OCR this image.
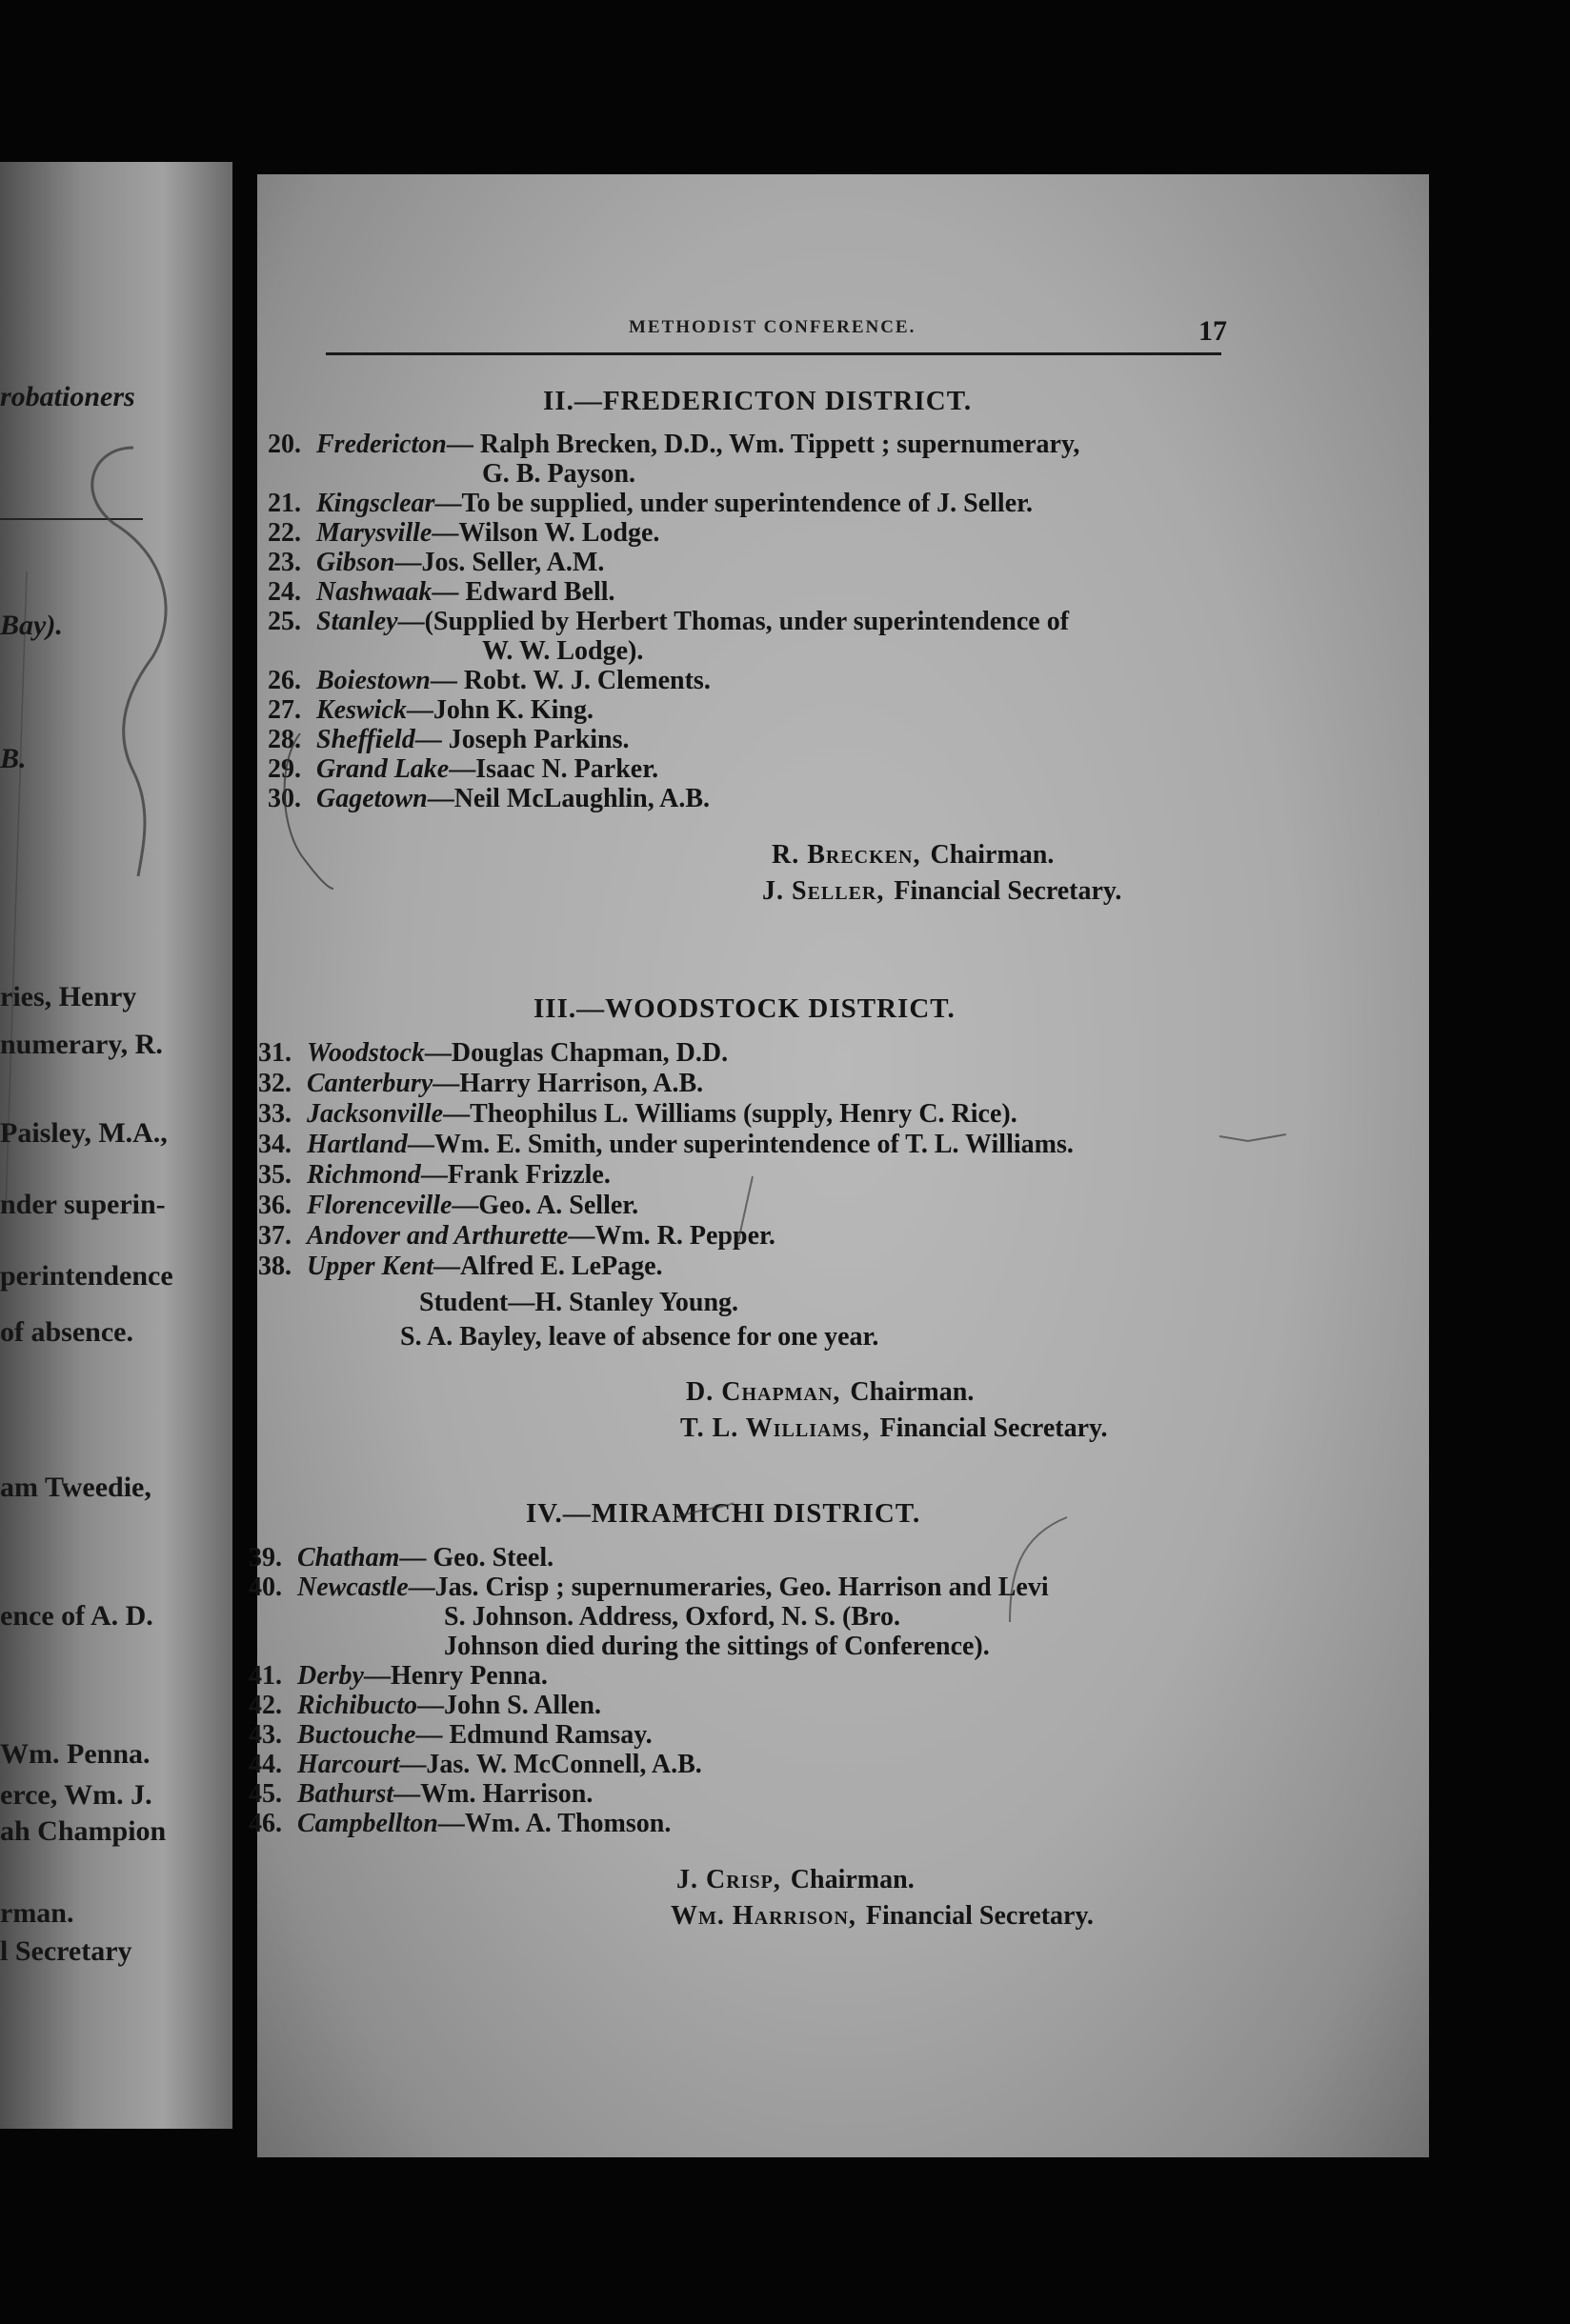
robationers
Bay).
B.
ries, Henry
numerary, R.
Paisley, M.A.,
nder superin-
perintendence
of absence.
am Tweedie,
ence of A. D.
Wm. Penna.
erce, Wm. J.
ah Champion
rman.
l Secretary
METHODIST CONFERENCE.	17
II.—FREDERICTON DISTRICT.
20. Fredericton— Ralph Brecken, D.D., Wm. Tippett ; supernumerary,
G. B. Payson.
21. Kingsclear—To be supplied, under superintendence of J. Seller.
22. Marysville—Wilson W. Lodge.
23. Gibson—Jos. Seller, A.M.
24. Nashwaak— Edward Bell.
25. Stanley—(Supplied by Herbert Thomas, under superintendence of
W. W. Lodge).
26. Boiestown— Robt. W. J. Clements.
27. Keswick—John K. King.
28. Sheffield— Joseph Parkins.
29. Grand Lake—Isaac N. Parker.
30. Gagetown—Neil McLaughlin, A.B.
R. Brecken, Chairman.
J. Seller, Financial Secretary.
III.—WOODSTOCK DISTRICT.
31. Woodstock—Douglas Chapman, D.D.
32. Canterbury—Harry Harrison, A.B.
33. Jacksonville—Theophilus L. Williams (supply, Henry C. Rice).
34. Hartland—Wm. E. Smith, under superintendence of T. L. Williams.
35. Richmond—Frank Frizzle.
36. Florenceville—Geo. A. Seller.
37. Andover and Arthurette—Wm. R. Pepper.
38. Upper Kent—Alfred E. LePage.
Student—H. Stanley Young.
S. A. Bayley, leave of absence for one year.
D. Chapman, Chairman.
T. L. Williams, Financial Secretary.
IV.—MIRAMICHI DISTRICT.
39. Chatham— Geo. Steel.
40. Newcastle—Jas. Crisp ; supernumeraries, Geo. Harrison and Levi
S. Johnson. Address, Oxford, N. S. (Bro.
Johnson died during the sittings of Conference).
41. Derby—Henry Penna.
42. Richibucto—John S. Allen.
43. Buctouche— Edmund Ramsay.
44. Harcourt—Jas. W. McConnell, A.B.
45. Bathurst—Wm. Harrison.
46. Campbellton—Wm. A. Thomson.
J. Crisp, Chairman.
Wm. Harrison, Financial Secretary.
